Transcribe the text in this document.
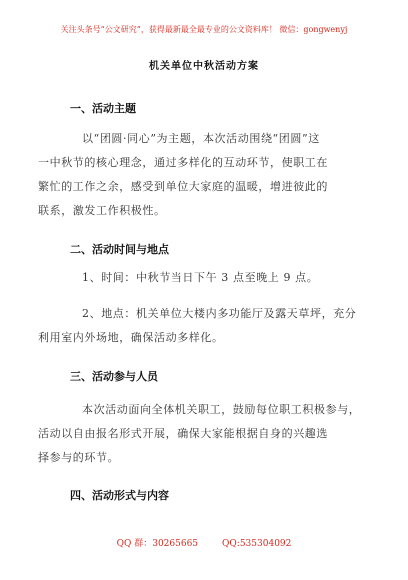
关注头条号“公文研究”，获得最新最全最专业的公文资料库！ 微信：gongwenyj
机关单位中秋活动方案
一、活动主题
以“团圆·同心”为主题，本次活动围绕“团圆”这
一中秋节的核心理念，通过多样化的互动环节，使职工在
繁忙的工作之余，感受到单位大家庭的温暖，增进彼此的
联系，激发工作积极性。
二、活动时间与地点
1、时间：中秋节当日下午 3 点至晚上 9 点。
2、地点：机关单位大楼内多功能厅及露天草坪，充分
利用室内外场地，确保活动多样化。
三、活动参与人员
本次活动面向全体机关职工，鼓励每位职工积极参与，
活动以自由报名形式开展，确保大家能根据自身的兴趣选
择参与的环节。
四、活动形式与内容
QQ 群：30265665	QQ:535304092
